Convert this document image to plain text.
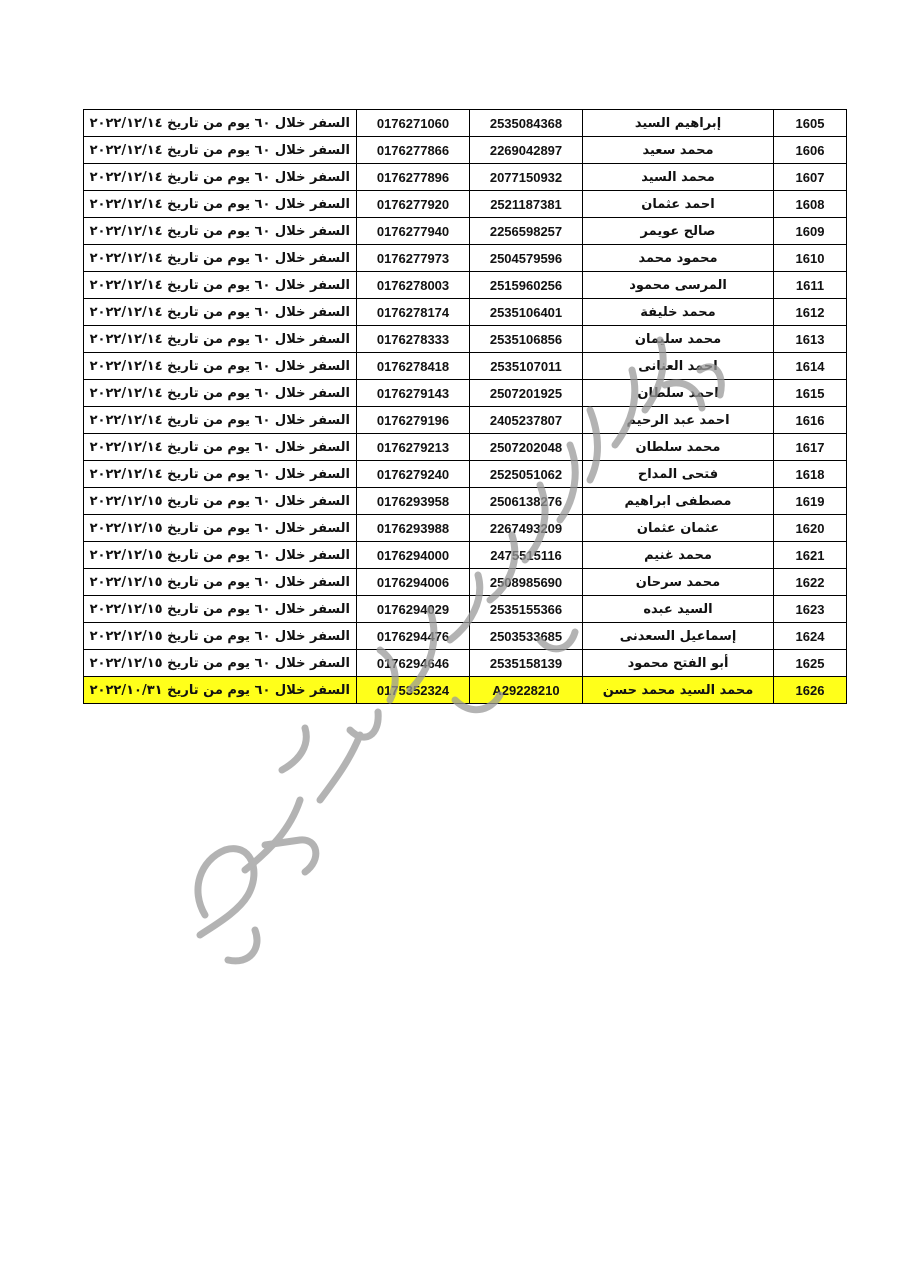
السفر خلال ٦٠ يوم من تاريخ ٢٠٢٢/١٢/١٤	0176271060	2535084368	إبراهيم السيد	1605
السفر خلال ٦٠ يوم من تاريخ ٢٠٢٢/١٢/١٤	0176277866	2269042897	محمد سعيد	1606
السفر خلال ٦٠ يوم من تاريخ ٢٠٢٢/١٢/١٤	0176277896	2077150932	محمد السيد	1607
السفر خلال ٦٠ يوم من تاريخ ٢٠٢٢/١٢/١٤	0176277920	2521187381	احمد عثمان	1608
السفر خلال ٦٠ يوم من تاريخ ٢٠٢٢/١٢/١٤	0176277940	2256598257	صالح عويمر	1609
السفر خلال ٦٠ يوم من تاريخ ٢٠٢٢/١٢/١٤	0176277973	2504579596	محمود محمد	1610
السفر خلال ٦٠ يوم من تاريخ ٢٠٢٢/١٢/١٤	0176278003	2515960256	المرسى محمود	1611
السفر خلال ٦٠ يوم من تاريخ ٢٠٢٢/١٢/١٤	0176278174	2535106401	محمد خليفة	1612
السفر خلال ٦٠ يوم من تاريخ ٢٠٢٢/١٢/١٤	0176278333	2535106856	محمد سليمان	1613
السفر خلال ٦٠ يوم من تاريخ ٢٠٢٢/١٢/١٤	0176278418	2535107011	احمد العنانى	1614
السفر خلال ٦٠ يوم من تاريخ ٢٠٢٢/١٢/١٤	0176279143	2507201925	احمد سلطان	1615
السفر خلال ٦٠ يوم من تاريخ ٢٠٢٢/١٢/١٤	0176279196	2405237807	احمد عبد الرحيم	1616
السفر خلال ٦٠ يوم من تاريخ ٢٠٢٢/١٢/١٤	0176279213	2507202048	محمد سلطان	1617
السفر خلال ٦٠ يوم من تاريخ ٢٠٢٢/١٢/١٤	0176279240	2525051062	فتحى المداح	1618
السفر خلال ٦٠ يوم من تاريخ ٢٠٢٢/١٢/١٥	0176293958	2506138276	مصطفى ابراهيم	1619
السفر خلال ٦٠ يوم من تاريخ ٢٠٢٢/١٢/١٥	0176293988	2267493209	عثمان عثمان	1620
السفر خلال ٦٠ يوم من تاريخ ٢٠٢٢/١٢/١٥	0176294000	2475515116	محمد غنيم	1621
السفر خلال ٦٠ يوم من تاريخ ٢٠٢٢/١٢/١٥	0176294006	2508985690	محمد سرحان	1622
السفر خلال ٦٠ يوم من تاريخ ٢٠٢٢/١٢/١٥	0176294029	2535155366	السيد عبده	1623
السفر خلال ٦٠ يوم من تاريخ ٢٠٢٢/١٢/١٥	0176294476	2503533685	إسماعيل السعدنى	1624
السفر خلال ٦٠ يوم من تاريخ ٢٠٢٢/١٢/١٥	0176294646	2535158139	أبو الفتح محمود	1625
السفر خلال ٦٠ يوم من تاريخ ٢٠٢٢/١٠/٣١	0175352324	A29228210	محمد السيد محمد حسن	1626
